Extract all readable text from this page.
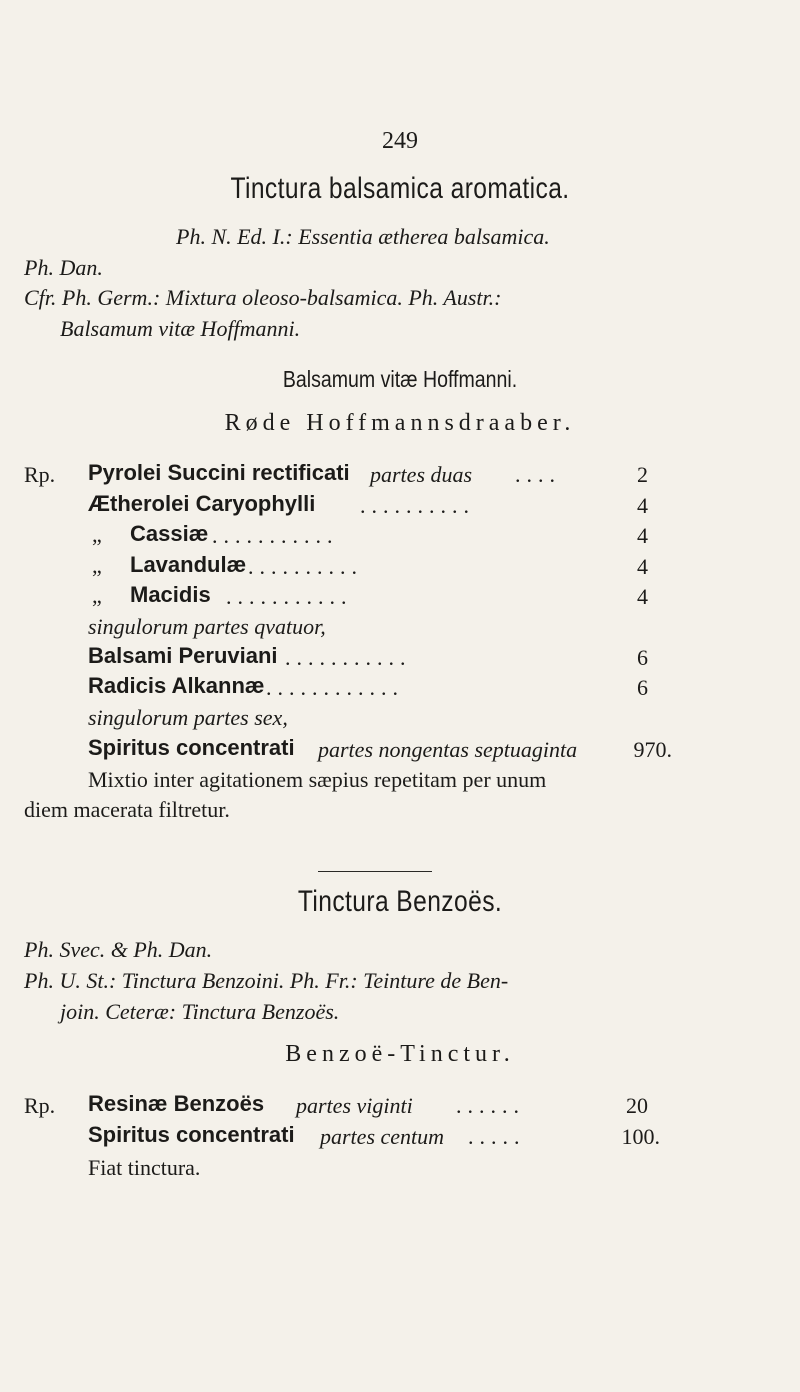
249
Tinctura balsamica aromatica.
Ph. N. Ed. I.: Essentia ætherea balsamica.
Ph. Dan.
Cfr. Ph. Germ.: Mixtura oleoso-balsamica. Ph. Austr.:
Balsamum vitæ Hoffmanni.
Balsamum vitæ Hoffmanni.
Røde Hoffmannsdraaber.
Rp. Pyrolei Succini rectificati partes duas ....	2
Ætherolei Caryophylli ..........	4
„ Cassiæ ...........	4
„ Lavandulæ ..........	4
„ Macidis ...........	4
singulorum partes qvatuor,
Balsami Peruviani ...........	6
Radicis Alkannæ ............	6
singulorum partes sex,
Spiritus concentrati partes nongentas septuaginta	970.
Mixtio inter agitationem sæpius repetitam per unum
diem macerata filtretur.
Tinctura Benzoës.
Ph. Svec. & Ph. Dan.
Ph. U. St.: Tinctura Benzoini. Ph. Fr.: Teinture de Ben-
join. Ceteræ: Tinctura Benzoës.
Benzoë-Tinctur.
Rp. Resinæ Benzoës partes viginti ......	20
Spiritus concentrati partes centum .....	100.
Fiat tinctura.
